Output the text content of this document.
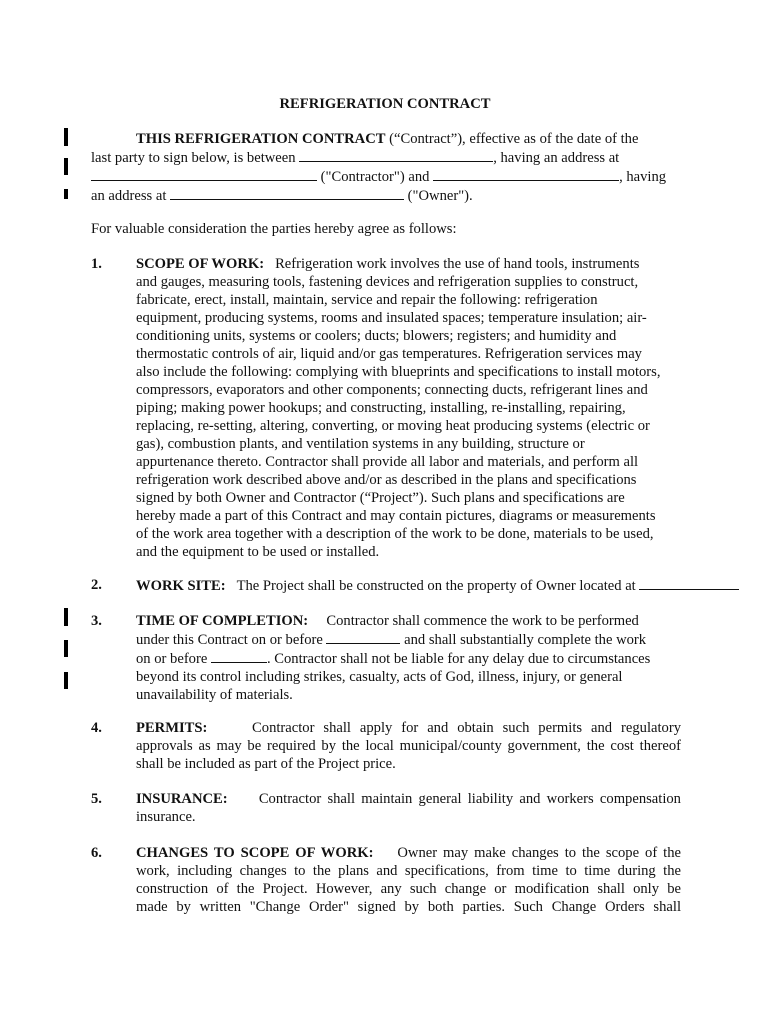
REFRIGERATION CONTRACT
THIS REFRIGERATION CONTRACT (“Contract”), effective as of the date of the
last party to sign below, is between	, having an address at
("Contractor") and	, having
an address at	("Owner").
For valuable consideration the parties hereby agree as follows:
1. SCOPE OF WORK: Refrigeration work involves the use of hand tools, instruments
and gauges, measuring tools, fastening devices and refrigeration supplies to construct,
fabricate, erect, install, maintain, service and repair the following: refrigeration
equipment, producing systems, rooms and insulated spaces; temperature insulation; air-
conditioning units, systems or coolers; ducts; blowers; registers; and humidity and
thermostatic controls of air, liquid and/or gas temperatures. Refrigeration services may
also include the following: complying with blueprints and specifications to install motors,
compressors, evaporators and other components; connecting ducts, refrigerant lines and
piping; making power hookups; and constructing, installing, re-installing, repairing,
replacing, re-setting, altering, converting, or moving heat producing systems (electric or
gas), combustion plants, and ventilation systems in any building, structure or
appurtenance thereto. Contractor shall provide all labor and materials, and perform all
refrigeration work described above and/or as described in the plans and specifications
signed by both Owner and Contractor (“Project”). Such plans and specifications are
hereby made a part of this Contract and may contain pictures, diagrams or measurements
of the work area together with a description of the work to be done, materials to be used,
and the equipment to be used or installed.
2. WORK SITE: The Project shall be constructed on the property of Owner located at
3. TIME OF COMPLETION: Contractor shall commence the work to be performed
under this Contract on or before	and shall substantially complete the work
on or before	. Contractor shall not be liable for any delay due to circumstances
beyond its control including strikes, casualty, acts of God, illness, injury, or general
unavailability of materials.
4. PERMITS:	Contractor shall apply for and obtain such permits and regulatory
approvals as may be required by the local municipal/county government, the cost thereof
shall be included as part of the Project price.
5. INSURANCE: Contractor shall maintain general liability and workers compensation
insurance.
6. CHANGES TO SCOPE OF WORK: Owner may make changes to the scope of the
work, including changes to the plans and specifications, from time to time during the
construction of the Project. However, any such change or modification shall only be
made by written "Change Order" signed by both parties. Such Change Orders shall
